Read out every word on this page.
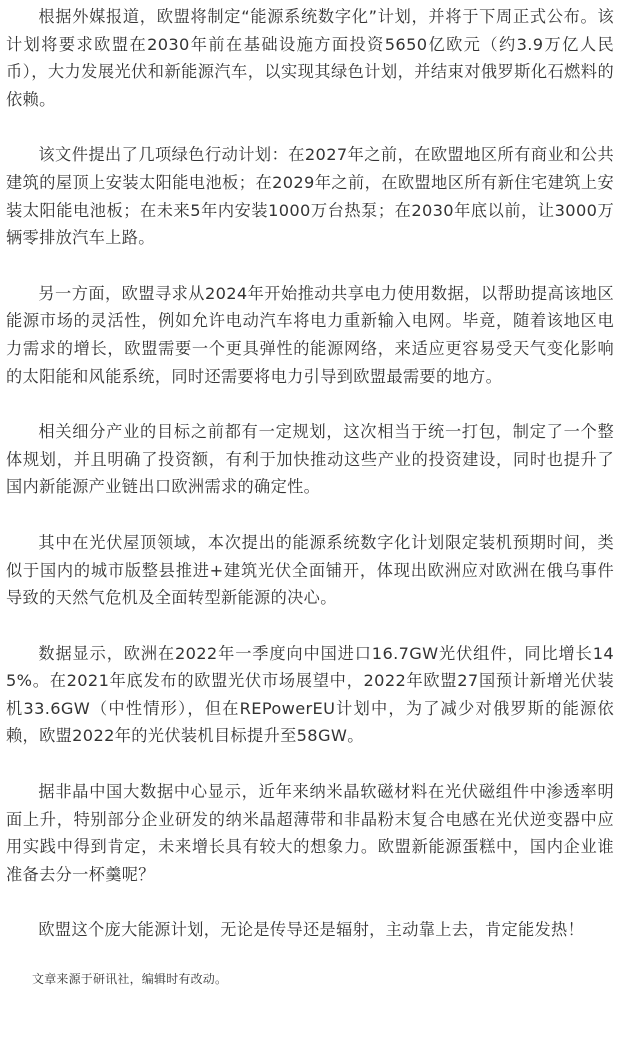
根据外媒报道，欧盟将制定“能源系统数字化”计划，并将于下周正式公布。该计划将要求欧盟在2030年前在基础设施方面投资5650亿欧元（约3.9万亿人民币），大力发展光伏和新能源汽车，以实现其绿色计划，并结束对俄罗斯化石燃料的依赖。

该文件提出了几项绿色行动计划：在2027年之前，在欧盟地区所有商业和公共建筑的屋顶上安装太阳能电池板；在2029年之前，在欧盟地区所有新住宅建筑上安装太阳能电池板；在未来5年内安装1000万台热泵；在2030年底以前，让3000万辆零排放汽车上路。

另一方面，欧盟寻求从2024年开始推动共享电力使用数据，以帮助提高该地区能源市场的灵活性，例如允许电动汽车将电力重新输入电网。毕竟，随着该地区电力需求的增长，欧盟需要一个更具弹性的能源网络，来适应更容易受天气变化影响的太阳能和风能系统，同时还需要将电力引导到欧盟最需要的地方。

相关细分产业的目标之前都有一定规划，这次相当于统一打包，制定了一个整体规划，并且明确了投资额，有利于加快推动这些产业的投资建设，同时也提升了国内新能源产业链出口欧洲需求的确定性。

其中在光伏屋顶领域，本次提出的能源系统数字化计划限定装机预期时间，类似于国内的城市版整县推进+建筑光伏全面铺开，体现出欧洲应对欧洲在俄乌事件导致的天然气危机及全面转型新能源的决心。

数据显示，欧洲在2022年一季度向中国进口16.7GW光伏组件，同比增长145%。在2021年底发布的欧盟光伏市场展望中，2022年欧盟27国预计新增光伏装机33.6GW（中性情形），但在REPowerEU计划中，为了减少对俄罗斯的能源依赖，欧盟2022年的光伏装机目标提升至58GW。

据非晶中国大数据中心显示，近年来纳米晶软磁材料在光伏磁组件中渗透率明面上升，特别部分企业研发的纳米晶超薄带和非晶粉末复合电感在光伏逆变器中应用实践中得到肯定，未来增长具有较大的想象力。欧盟新能源蛋糕中，国内企业谁准备去分一杯羹呢？

欧盟这个庞大能源计划，无论是传导还是辐射，主动靠上去，肯定能发热！

文章来源于研讯社，编辑时有改动。
